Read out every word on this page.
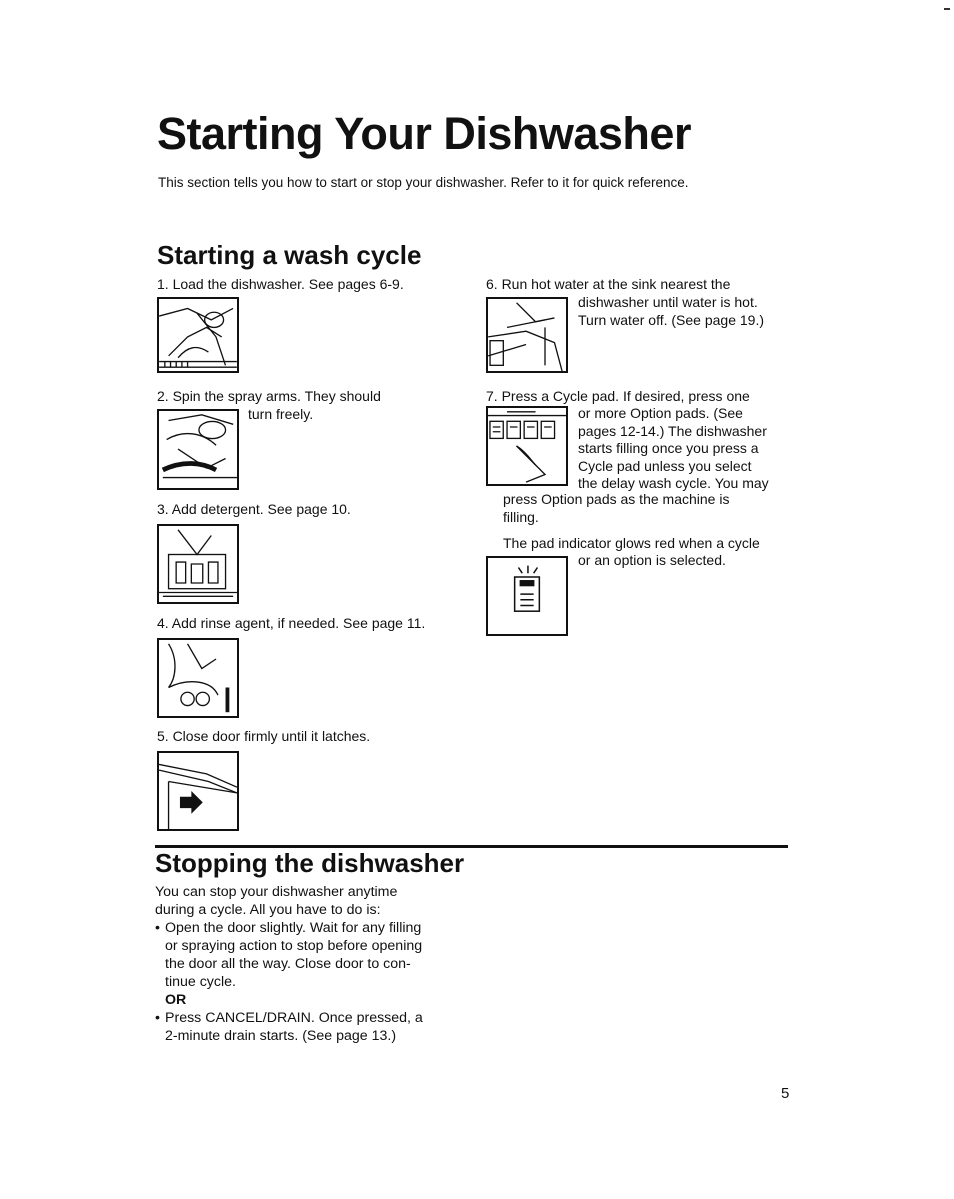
Starting Your Dishwasher
This section tells you how to start or stop your dishwasher. Refer to it for quick reference.
Starting a wash cycle
1. Load the dishwasher. See pages 6-9.
2. Spin the spray arms. They should
turn freely.
3. Add detergent. See page 10.
4. Add rinse agent, if needed. See page 11.
5. Close door firmly until it latches.
6. Run hot water at the sink nearest the
dishwasher until water is hot.
Turn water off. (See page 19.)
7. Press a Cycle pad. If desired, press one
or more Option pads. (See
pages 12-14.) The dishwasher
starts filling once you press a
Cycle pad unless you select
the delay wash cycle. You may
press Option pads as the machine is
filling.
The pad indicator glows red when a cycle
or an option is selected.
Stopping the dishwasher
You can stop your dishwasher anytime
during a cycle. All you have to do is:
• Open the door slightly. Wait for any filling
or spraying action to stop before opening
the door all the way. Close door to con-
tinue cycle.
OR
• Press CANCEL/DRAIN. Once pressed, a
2-minute drain starts. (See page 13.)
5
